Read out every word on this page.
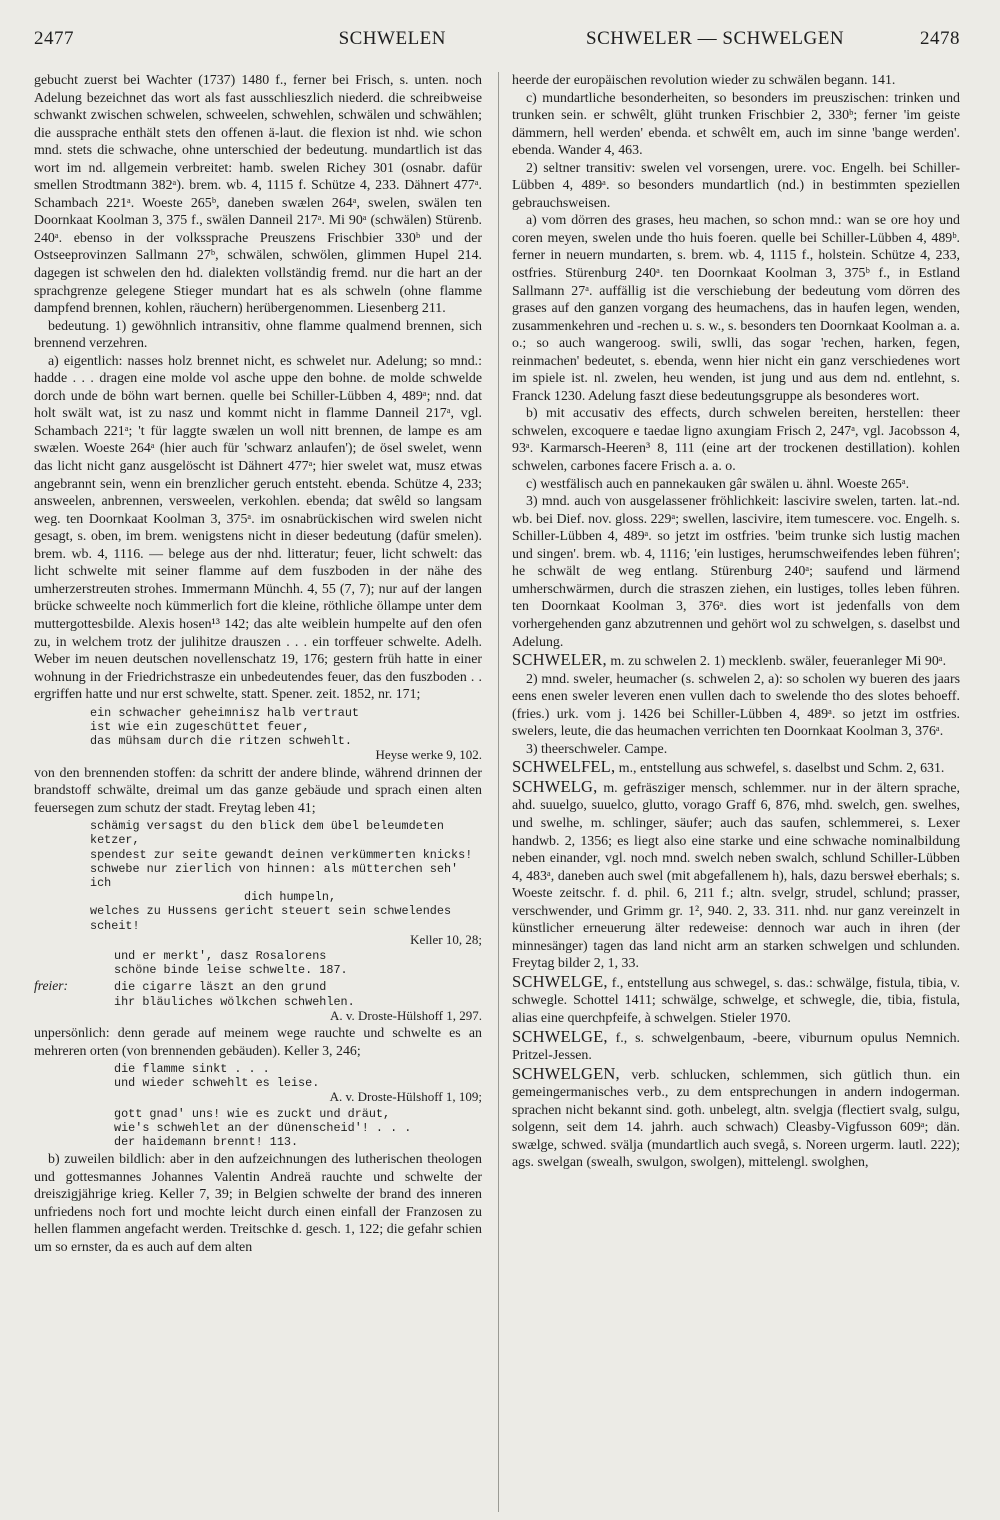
2477	SCHWELEN	SCHWELER — SCHWELGEN	2478

gebucht zuerst bei Wachter (1737) 1480 f., ferner bei Frisch, s. unten. noch Adelung bezeichnet das wort als fast ausschlieszlich niederd. die schreibweise schwankt zwischen schwelen, schweelen, schwehlen, schwälen und schwählen; die aussprache enthält stets den offenen ä-laut. die flexion ist nhd. wie schon mnd. stets die schwache, ohne unterschied der bedeutung. mundartlich ist das wort im nd. allgemein verbreitet: hamb. swelen Richey 301 (osnabr. dafür smellen Strodtmann 382ᵃ). brem. wb. 4, 1115 f. Schütze 4, 233. Dähnert 477ᵃ. Schambach 221ᵃ. Woeste 265ᵇ, daneben swælen 264ᵃ, swelen, swälen ten Doornkaat Koolman 3, 375 f., swälen Danneil 217ᵃ. Mi 90ᵃ (schwälen) Stürenb. 240ᵃ. ebenso in der volkssprache Preuszens Frischbier 330ᵇ und der Ostseeprovinzen Sallmann 27ᵇ, schwälen, schwölen, glimmen Hupel 214. dagegen ist schwelen den hd. dialekten vollständig fremd. nur die hart an der sprachgrenze gelegene Stieger mundart hat es als schweln (ohne flamme dampfend brennen, kohlen, räuchern) herübergenommen. Liesenberg 211.

bedeutung. 1) gewöhnlich intransitiv, ohne flamme qualmend brennen, sich brennend verzehren.

a) eigentlich: nasses holz brennet nicht, es schwelet nur. Adelung; so mnd.: hadde . . . dragen eine molde vol asche uppe den bohne. de molde schwelde dorch unde de böhn wart bernen. quelle bei Schiller-Lübben 4, 489ᵃ; nnd. dat holt swält wat, ist zu nasz und kommt nicht in flamme Danneil 217ᵃ, vgl. Schambach 221ᵃ; 't für laggte swælen un woll nitt brennen, de lampe es am swælen. Woeste 264ᵃ (hier auch für 'schwarz anlaufen'); de ösel swelet, wenn das licht nicht ganz ausgelöscht ist Dähnert 477ᵃ; hier swelet wat, musz etwas angebrannt sein, wenn ein brenzlicher geruch entsteht. ebenda. Schütze 4, 233; answeelen, anbrennen, versweelen, verkohlen. ebenda; dat swêld so langsam weg. ten Doornkaat Koolman 3, 375ᵃ. im osnabrückischen wird swelen nicht gesagt, s. oben, im brem. wenigstens nicht in dieser bedeutung (dafür smelen). brem. wb. 4, 1116. — belege aus der nhd. litteratur; feuer, licht schwelt: das licht schwelte mit seiner flamme auf dem fuszboden in der nähe des umherzerstreuten strohes. Immermann Münchh. 4, 55 (7, 7); nur auf der langen brücke schweelte noch kümmerlich fort die kleine, röthliche öllampe unter dem muttergottesbilde. Alexis hosen¹³ 142; das alte weiblein humpelte auf den ofen zu, in welchem trotz der julihitze drauszen . . . ein torffeuer schwelte. Adelh. Weber im neuen deutschen novellenschatz 19, 176; gestern früh hatte in einer wohnung in der Friedrichstrasze ein unbedeutendes feuer, das den fuszboden . . ergriffen hatte und nur erst schwelte, statt. Spener. zeit. 1852, nr. 171;

ein schwacher geheimnisz halb vertraut
ist wie ein zugeschüttet feuer,
das mühsam durch die ritzen schwehlt.
Heyse werke 9, 102.

von den brennenden stoffen: da schritt der andere blinde, während drinnen der brandstoff schwälte, dreimal um das ganze gebäude und sprach einen alten feuersegen zum schutz der stadt. Freytag leben 41;

schämig versagst du den blick dem übel beleumdeten ketzer,
spendest zur seite gewandt deinen verkümmerten knicks!
schwebe nur zierlich von hinnen: als mütterchen seh' ich
dich humpeln,
welches zu Hussens gericht steuert sein schwelendes scheit!
Keller 10, 28;
und er merkt', dasz Rosalorens
schöne binde leise schwelte. 187.
freier:	die cigarre läszt an den grund
ihr bläuliches wölkchen schwehlen.
A. v. Droste-Hülshoff 1, 297.

unpersönlich: denn gerade auf meinem wege rauchte und schwelte es an mehreren orten (von brennenden gebäuden). Keller 3, 246;

die flamme sinkt . . .
und wieder schwehlt es leise.
A. v. Droste-Hülshoff 1, 109;
gott gnad' uns! wie es zuckt und dräut,
wie's schwehlet an der dünenscheid'! . . .
der haidemann brennt! 113.

b) zuweilen bildlich: aber in den aufzeichnungen des lutherischen theologen und gottesmannes Johannes Valentin Andreä rauchte und schwelte der dreiszigjährige krieg. Keller 7, 39; in Belgien schwelte der brand des inneren unfriedens noch fort und mochte leicht durch einen einfall der Franzosen zu hellen flammen angefacht werden. Treitschke d. gesch. 1, 122; die gefahr schien um so ernster, da es auch auf dem alten

heerde der europäischen revolution wieder zu schwälen begann. 141.

c) mundartliche besonderheiten, so besonders im preuszischen: trinken und trunken sein. er schwêlt, glüht trunken Frischbier 2, 330ᵇ; ferner 'im geiste dämmern, hell werden' ebenda. et schwêlt em, auch im sinne 'bange werden'. ebenda. Wander 4, 463.

2) seltner transitiv: swelen vel vorsengen, urere. voc. Engelh. bei Schiller-Lübben 4, 489ᵃ. so besonders mundartlich (nd.) in bestimmten speziellen gebrauchsweisen.

a) vom dörren des grases, heu machen, so schon mnd.: wan se ore hoy und coren meyen, swelen unde tho huis foeren. quelle bei Schiller-Lübben 4, 489ᵇ. ferner in neuern mundarten, s. brem. wb. 4, 1115 f., holstein. Schütze 4, 233, ostfries. Stürenburg 240ᵃ. ten Doornkaat Koolman 3, 375ᵇ f., in Estland Sallmann 27ᵃ. auffällig ist die verschiebung der bedeutung vom dörren des grases auf den ganzen vorgang des heumachens, das in haufen legen, wenden, zusammenkehren und -rechen u. s. w., s. besonders ten Doornkaat Koolman a. a. o.; so auch wangeroog. swili, swlli, das sogar 'rechen, harken, fegen, reinmachen' bedeutet, s. ebenda, wenn hier nicht ein ganz verschiedenes wort im spiele ist. nl. zwelen, heu wenden, ist jung und aus dem nd. entlehnt, s. Franck 1230. Adelung faszt diese bedeutungsgruppe als besonderes wort.

b) mit accusativ des effects, durch schwelen bereiten, herstellen: theer schwelen, excoquere e taedae ligno axungiam Frisch 2, 247ᵃ, vgl. Jacobsson 4, 93ᵃ. Karmarsch-Heeren³ 8, 111 (eine art der trockenen destillation). kohlen schwelen, carbones facere Frisch a. a. o.

c) westfälisch auch en pannekauken gâr swälen u. ähnl. Woeste 265ᵃ.

3) mnd. auch von ausgelassener fröhlichkeit: lascivire swelen, tarten. lat.-nd. wb. bei Dief. nov. gloss. 229ᵃ; swellen, lascivire, item tumescere. voc. Engelh. s. Schiller-Lübben 4, 489ᵃ. so jetzt im ostfries. 'beim trunke sich lustig machen und singen'. brem. wb. 4, 1116; 'ein lustiges, herumschweifendes leben führen'; he schwält de weg entlang. Stürenburg 240ᵃ; saufend und lärmend umherschwärmen, durch die straszen ziehen, ein lustiges, tolles leben führen. ten Doornkaat Koolman 3, 376ᵃ. dies wort ist jedenfalls von dem vorhergehenden ganz abzutrennen und gehört wol zu schwelgen, s. daselbst und Adelung.

SCHWELER, m. zu schwelen 2. 1) mecklenb. swäler, feueranleger Mi 90ᵃ.

2) mnd. sweler, heumacher (s. schwelen 2, a): so scholen wy bueren des jaars eens enen sweler leveren enen vullen dach to swelende tho des slotes behoeff. (fries.) urk. vom j. 1426 bei Schiller-Lübben 4, 489ᵃ. so jetzt im ostfries. swelers, leute, die das heumachen verrichten ten Doornkaat Koolman 3, 376ᵃ.

3) theerschweler. Campe.

SCHWELFEL, m., entstellung aus schwefel, s. daselbst und Schm. 2, 631.

SCHWELG, m. gefräsziger mensch, schlemmer. nur in der ältern sprache, ahd. suuelgo, suuelco, glutto, vorago Graff 6, 876, mhd. swelch, gen. swelhes, und swelhe, m. schlinger, säufer; auch das saufen, schlemmerei, s. Lexer handwb. 2, 1356; es liegt also eine starke und eine schwache nominalbildung neben einander, vgl. noch mnd. swelch neben swalch, schlund Schiller-Lübben 4, 483ᵃ, daneben auch swel (mit abgefallenem h), hals, dazu bersweł eberhals; s. Woeste zeitschr. f. d. phil. 6, 211 f.; altn. svelgr, strudel, schlund; prasser, verschwender, und Grimm gr. 1², 940. 2, 33. 311. nhd. nur ganz vereinzelt in künstlicher erneuerung älter redeweise: dennoch war auch in ihren (der minnesänger) tagen das land nicht arm an starken schwelgen und schlunden. Freytag bilder 2, 1, 33.

SCHWELGE, f., entstellung aus schwegel, s. das.: schwälge, fistula, tibia, v. schwegle. Schottel 1411; schwälge, schwelge, et schwegle, die, tibia, fistula, alias eine querchpfeife, à schwelgen. Stieler 1970.

SCHWELGE, f., s. schwelgenbaum, -beere, viburnum opulus Nemnich. Pritzel-Jessen.

SCHWELGEN, verb. schlucken, schlemmen, sich gütlich thun. ein gemeingermanisches verb., zu dem entsprechungen in andern indogerman. sprachen nicht bekannt sind. goth. unbelegt, altn. svelgja (flectiert svalg, sulgu, solgenn, seit dem 14. jahrh. auch schwach) Cleasby-Vigfusson 609ᵃ; dän. swælge, schwed. svälja (mundartlich auch svegå, s. Noreen urgerm. lautl. 222); ags. swelgan (swealh, swulgon, swolgen), mittelengl. swolghen,
